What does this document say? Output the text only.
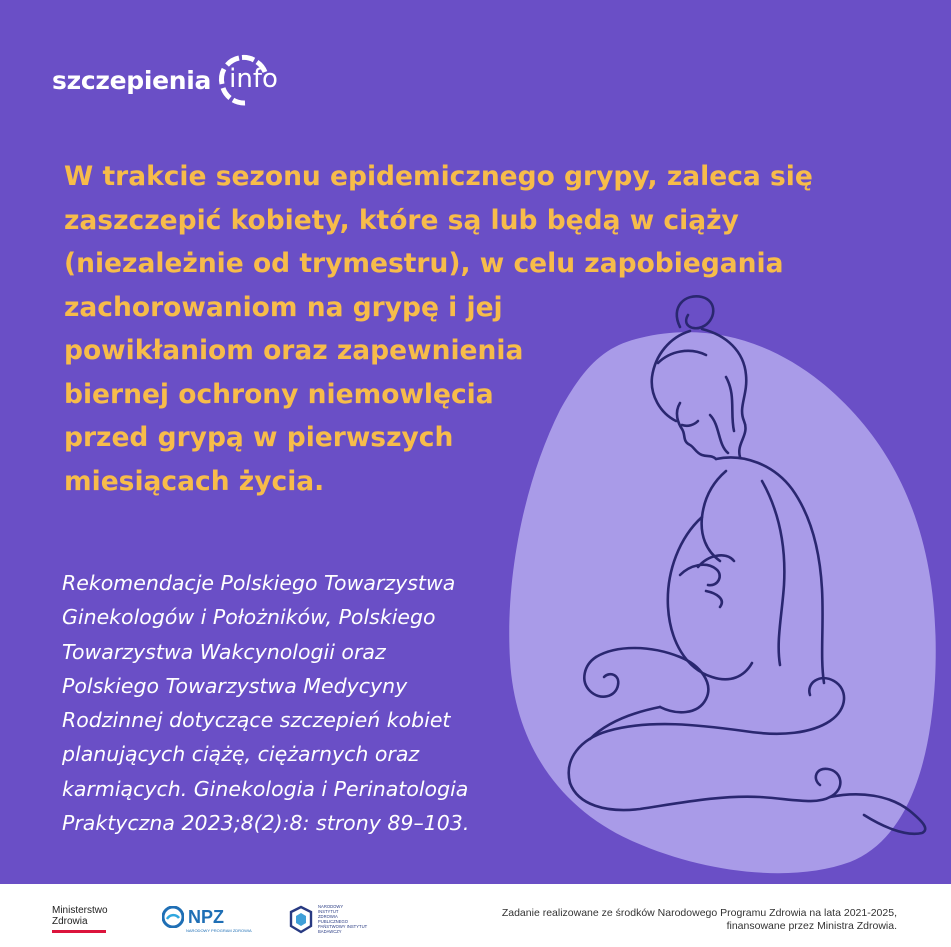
szczepienia info

W trakcie sezonu epidemicznego grypy, zaleca się
zaszczepić kobiety, które są lub będą w ciąży
(niezależnie od trymestru), w celu zapobiegania
zachorowaniom na grypę i jej
powikłaniom oraz zapewnienia
biernej ochrony niemowlęcia
przed grypą w pierwszych
miesiącach życia.

Rekomendacje Polskiego Towarzystwa
Ginekologów i Położników, Polskiego
Towarzystwa Wakcynologii oraz
Polskiego Towarzystwa Medycyny
Rodzinnej dotyczące szczepień kobiet
planujących ciążę, ciężarnych oraz
karmiących. Ginekologia i Perinatologia
Praktyczna 2023;8(2):8: strony 89–103.

Ministerstwo
Zdrowia	NPZ
NARODOWY PROGRAM ZDROWIA
NARODOWY
INSTYTUT
ZDROWIA
PUBLICZNEGO
PAŃSTWOWY INSTYTUT
BADAWCZY
Zadanie realizowane ze środków Narodowego Programu Zdrowia na lata 2021-2025,
finansowane przez Ministra Zdrowia.
